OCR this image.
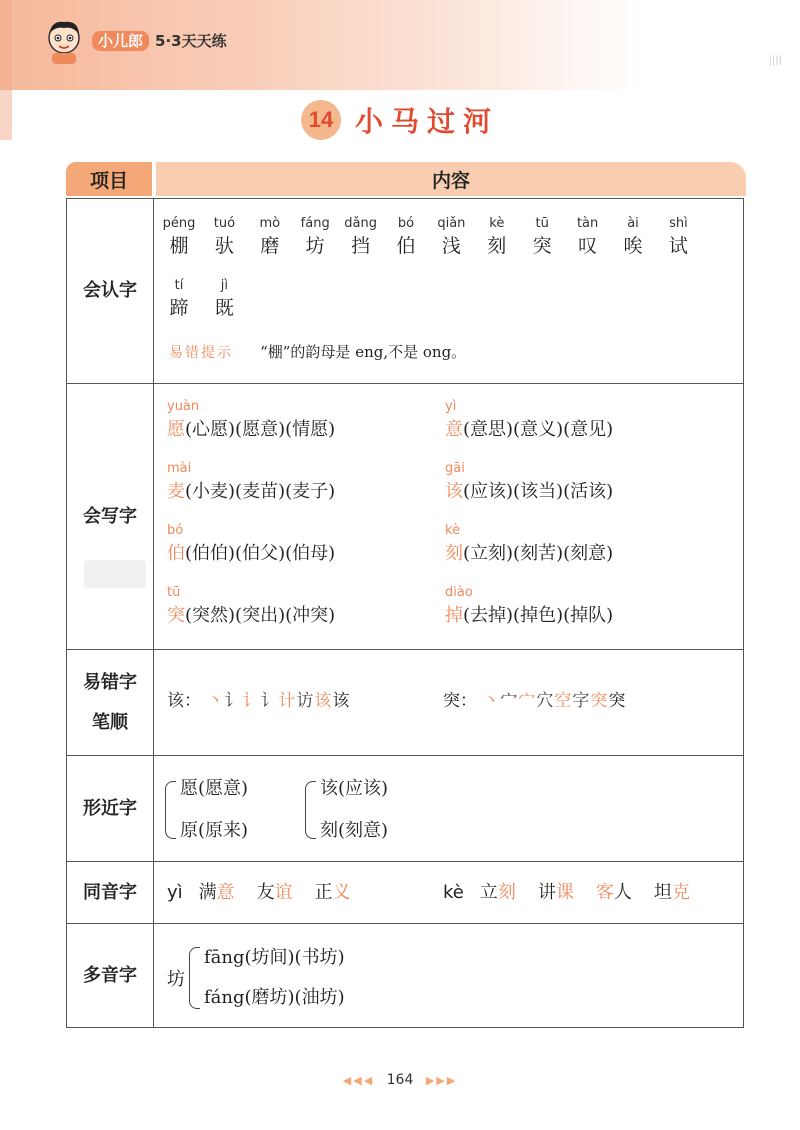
小儿郎 5·3天天练
||||
14 小马过河
项目	内容
会认字
易错提示 “棚”的韵母是 eng,不是 ong。
péng
棚
tuó
驮
mò
磨
fáng
坊
dǎng
挡
bó
伯
qiǎn
浅
kè
刻
tū
突
tàn
叹
ài
唉
shì
试
tí
蹄
jì
既
会写字
yuàn
愿(心愿)(愿意)(情愿)
yì
意(意思)(意义)(意见)
mài
麦(小麦)(麦苗)(麦子)
gāi
该(应该)(该当)(活该)
bó
伯(伯伯)(伯父)(伯母)
kè
刻(立刻)(刻苦)(刻意)
tū
突(突然)(突出)(冲突)
diào
掉(去掉)(掉色)(掉队)
易错字
笔顺
该： 丶讠讠讠计访该该	突： 丶宀宀穴空字突突
形近字
愿(愿意)
原(原来)
该(应该)
刻(刻意)
同音字	yì 满意 友谊 正义	kè 立刻 讲课 客人 坦克
多音字	坊
fāng(坊间)(书坊)
fáng(磨坊)(油坊)
◀◀◀ 164 ▶▶▶
